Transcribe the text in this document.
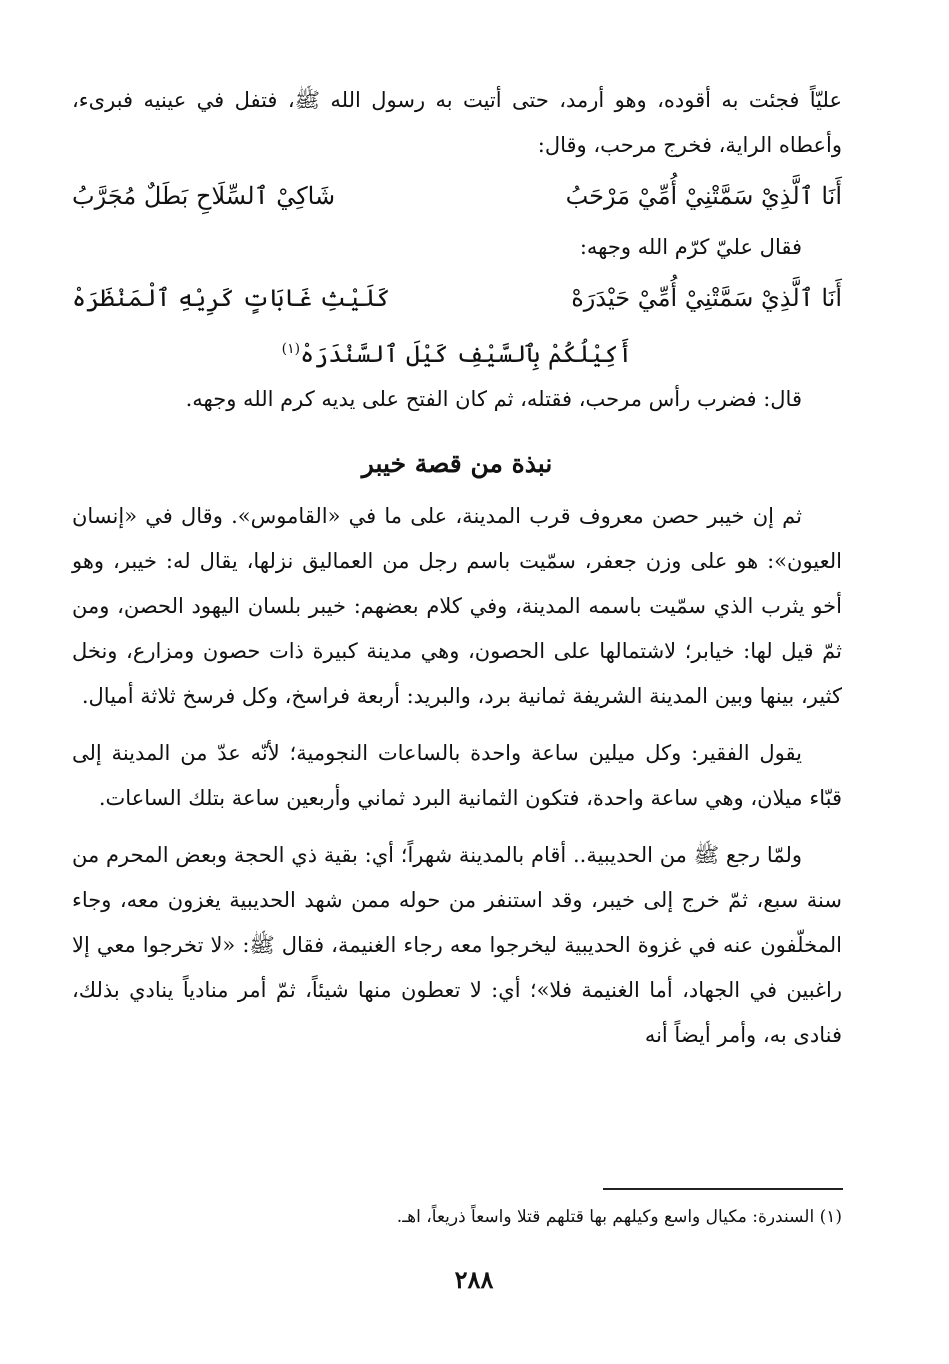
عليّاً فجئت به أقوده، وهو أرمد، حتى أتيت به رسول الله ﷺ، فتفل في عينيه فبرىء، وأعطاه الراية، فخرج مرحب، وقال:

أَنَا ٱلَّذِيْ سَمَّتْنِيْ أُمِّيْ مَرْحَبُ
شَاكِيْ ٱلسِّلَاحِ بَطَلٌ مُجَرَّبُ
فقال عليّ كرّم الله وجهه:
أَنَا ٱلَّذِيْ سَمَّتْنِيْ أُمِّيْ حَيْدَرَهْ
كَلَيْثِ غَابَاتٍ كَرِيْهِ ٱلْمَنْظَرَهْ
أَكِيْلُكُمْ بِٱلسَّيْفِ كَيْلَ ٱلسَّنْدَرَهْ$^{(١)}$

قال: فضرب رأس مرحب، فقتله، ثم كان الفتح على يديه كرم الله وجهه.

نبذة من قصة خيبر

ثم إن خيبر حصن معروف قرب المدينة، على ما في «القاموس». وقال في «إنسان العيون»: هو على وزن جعفر، سمّيت باسم رجل من العماليق نزلها، يقال له: خيبر، وهو أخو يثرب الذي سمّيت باسمه المدينة، وفي كلام بعضهم: خيبر بلسان اليهود الحصن، ومن ثمّ قيل لها: خيابر؛ لاشتمالها على الحصون، وهي مدينة كبيرة ذات حصون ومزارع، ونخل كثير، بينها وبين المدينة الشريفة ثمانية برد، والبريد: أربعة فراسخ، وكل فرسخ ثلاثة أميال.

يقول الفقير: وكل ميلين ساعة واحدة بالساعات النجومية؛ لأنّه عدّ من المدينة إلى قبّاء ميلان، وهي ساعة واحدة، فتكون الثمانية البرد ثماني وأربعين ساعة بتلك الساعات.

ولمّا رجع ﷺ من الحديبية.. أقام بالمدينة شهراً؛ أي: بقية ذي الحجة وبعض المحرم من سنة سبع، ثمّ خرج إلى خيبر، وقد استنفر من حوله ممن شهد الحديبية يغزون معه، وجاء المخلّفون عنه في غزوة الحديبية ليخرجوا معه رجاء الغنيمة، فقال ﷺ: «لا تخرجوا معي إلا راغبين في الجهاد، أما الغنيمة فلا»؛ أي: لا تعطون منها شيئاً، ثمّ أمر منادياً ينادي بذلك، فنادى به، وأمر أيضاً أنه

(١) السندرة: مكيال واسع وكيلهم بها قتلهم قتلا واسعاً ذريعاً، اهـ.
٢٨٨
